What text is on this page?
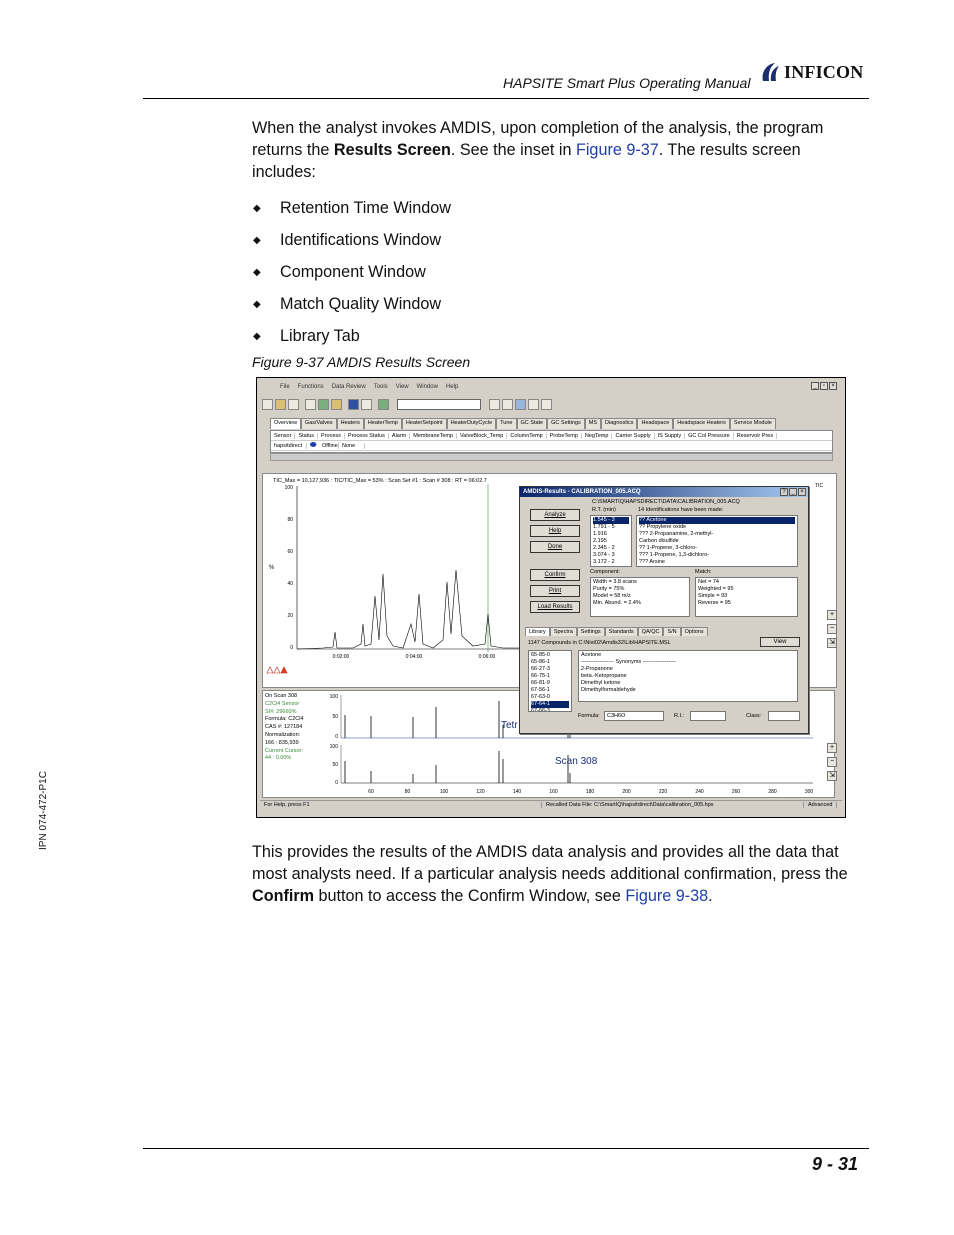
HAPSITE Smart Plus Operating Manual
INFICON

When the analyst invokes AMDIS, upon completion of the analysis, the program returns the Results Screen. See the inset in Figure 9-37. The results screen includes:

◆	Retention Time Window
◆	Identifications Window
◆	Component Window
◆	Match Quality Window
◆	Library Tab
Figure 9-37 AMDIS Results Screen
File Functions Data Review Tools View Window Help	_	▫	×
Overview	Gas/Valves	Heaters	HeaterTemp	HeaterSetpoint	HeaterDutyCycle	Tune	GC State	GC Settings	MS	Diagnostics	Headspace	Headspace Heaters	Service Module
Sensor	Status	Process	Process Status	Alarm	MembraneTemp	ValveBlock_Temp	ColumnTemp	ProbeTemp	NegTemp	Carrier Supply	IS Supply	GC Col Pressure	Reservoir Pres
hapsitdirect	Offline None
TIC_Max = 10,127,936 : TIC/TIC_Max = 53% : Scan Set #1 : Scan # 308 : RT = 06:02.7
TIC
%
100
80
60
40
20
0
0:02:00	0:04:00	0:06:00
+
−
⇲
On Scan 308
C2Cl4 Sensor
SI#: 29660%
Formula: C2Cl4
CAS #: 127184
Normalization:
166 : 835,939
Current Cursor:
44 : 0.00%
100
50
0
100
50
0
60	80	100	120	140	160	180	200	220	240	260	280	300
Tetr
Scan 308
+
−
⇲
For Help, press F1	Recalled Data File: C:\SmartIQ\hapsitdirect\Data\calibration_005.hps	Advanced
AMDIS-Results - CALIBRATION_005.ACQ	? _ ×
C:\SMARTIQ\HAPSDIRECT\DATA\CALIBRATION_005.ACQ
R.T. (min)	14 Identifications have been made:
Analyze
Help
Done
Confirm
Print
Load Results
1.545 - 3
1.791 - 5
1.916
2.195
2.345 - 2
3.074 - 3
3.172 - 2
?? Acetone
?? Propylene oxide
??? 2-Propanamine, 2-methyl-
Carbon disulfide
?? 1-Propene, 3-chloro-
??? 1-Propene, 1,3-dichloro-
??? Arsine
Component:	Match:
Width = 3.8 scans
Purity = 75%
Model = 58 m/z
Min. Abund. = 2.4%
Net = 74
Weighted = 95
Simple = 93
Reverse = 95
Library	Spectra	Settings	Standards	QA/QC	S/N	Options
1147 Compounds in C:\Nist02\Amdis32\Lib\HAPSITE.MSL	View
65-85-0
65-86-1
66-27-3
66-75-1
66-81-9
67-56-1
67-63-0
67-64-1
67-66-3
Acetone
------------------ Synonyms ------------------
2-Propanone
beta.-Ketopropane
Dimethyl ketone
Dimethylformaldehyde
Formula:	C3H6O	R.I.:	Class:

This provides the results of the AMDIS data analysis and provides all the data that most analysts need. If a particular analysis needs additional confirmation, press the Confirm button to access the Confirm Window, see Figure 9-38.

IPN 074-472-P1C
9 - 31
